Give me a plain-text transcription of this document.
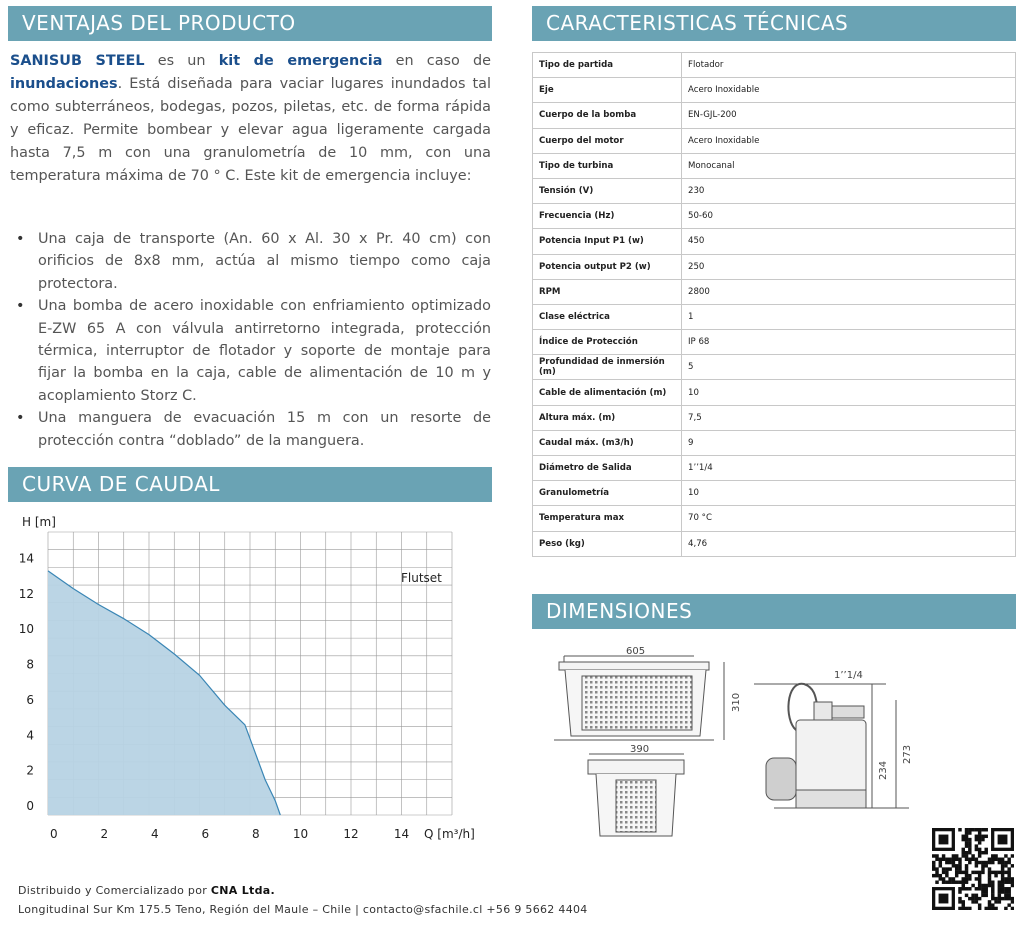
VENTAJAS DEL PRODUCTO	CARACTERISTICAS TÉCNICAS
CURVA DE CAUDAL
DIMENSIONES
SANISUB STEEL es un kit de emergencia en caso de inundaciones. Está diseñada para vaciar lugares inundados tal como subterráneos, bodegas, pozos, piletas, etc. de forma rápida y eficaz. Permite bombear y elevar agua ligeramente cargada hasta 7,5 m con una granulometría de 10 mm, con una temperatura máxima de 70 ° C. Este kit de emergencia incluye:
• Una caja de transporte (An. 60 x Al. 30 x Pr. 40 cm) con orificios de 8x8 mm, actúa al mismo tiempo como caja protectora.
• Una bomba de acero inoxidable con enfriamiento optimizado E-ZW 65 A con válvula antirretorno integrada, protección térmica, interruptor de flotador y soporte de montaje para fijar la bomba en la caja, cable de alimentación de 10 m y acoplamiento Storz C.
• Una manguera de evacuación 15 m con un resorte de protección contra “doblado” de la manguera.
Tipo de partida	Flotador
Eje	Acero Inoxidable
Cuerpo de la bomba	EN-GJL-200
Cuerpo del motor	Acero Inoxidable
Tipo de turbina	Monocanal
Tensión (V)	230
Frecuencia (Hz)	50-60
Potencia Input P1 (w)	450
Potencia output P2 (w)	250
RPM	2800
Clase eléctrica	1
Índice de Protección	IP 68
Profundidad de inmersión (m)	5
Cable de alimentación (m)	10
Altura máx. (m)	7,5
Caudal máx. (m3/h)	9
Diámetro de Salida	1’’1/4
Granulometría	10
Temperatura max	70 °C
Peso (kg)	4,76
0	2	4	6	8	10	12	14
0
2
4
6
8
10
12
14
H [m]
Q [m³/h]
Flutset
605
310
390
1’’1/4
234
273
Distribuido y Comercializado por CNA Ltda.
Longitudinal Sur Km 175.5 Teno, Región del Maule – Chile | contacto@sfachile.cl +56 9 5662 4404
